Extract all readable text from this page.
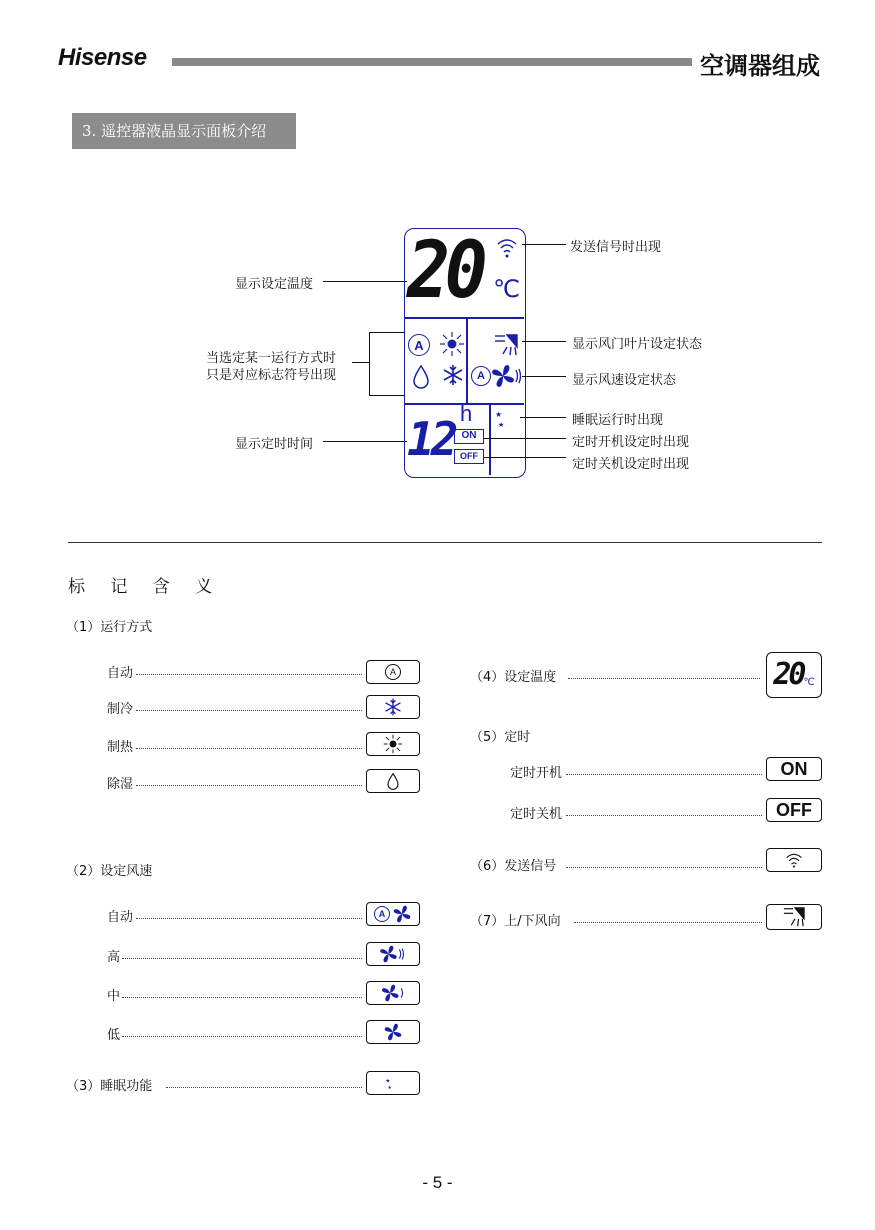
Hisense	空调器组成
3. 遥控器液晶显示面板介绍
20 ℃
A
A
12 h
ON
OFF
★
★
发送信号时出现
显示设定温度
当选定某一运行方式时
只是对应标志符号出现
显示风门叶片设定状态
显示风速设定状态
睡眠运行时出现
显示定时时间	定时开机设定时出现
定时关机设定时出现
标 记 含 义
（1）运行方式
自动	A
制冷
制热
除湿
（2）设定风速
自动	A
高
中
低
（3）睡眠功能	★
★
（4）设定温度	20 ℃
（5）定时
定时开机	ON
定时关机	OFF
（6）发送信号
（7）上/下风向
- 5 -
